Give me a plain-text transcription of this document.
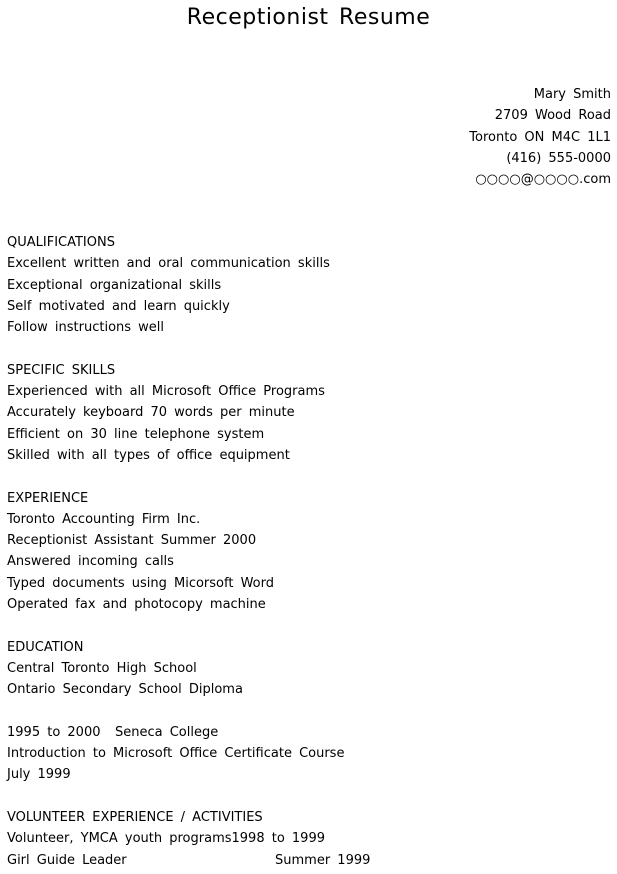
Receptionist Resume
Mary Smith
2709 Wood Road
Toronto ON M4C 1L1
(416) 555-0000
○○○○@○○○○.com
QUALIFICATIONS
Excellent written and oral communication skills
Exceptional organizational skills
Self motivated and learn quickly
Follow instructions well
SPECIFIC SKILLS
Experienced with all Microsoft Office Programs
Accurately keyboard 70 words per minute
Efficient on 30 line telephone system
Skilled with all types of office equipment
EXPERIENCE
Toronto Accounting Firm Inc.
Receptionist Assistant Summer 2000
Answered incoming calls
Typed documents using Micorsoft Word
Operated fax and photocopy machine
EDUCATION
Central Toronto High School
Ontario Secondary School Diploma
1995 to 2000 Seneca College
Introduction to Microsoft Office Certificate Course
July 1999
VOLUNTEER EXPERIENCE / ACTIVITIES
Volunteer, YMCA youth programs1998 to 1999
Girl Guide Leader	Summer 1999
